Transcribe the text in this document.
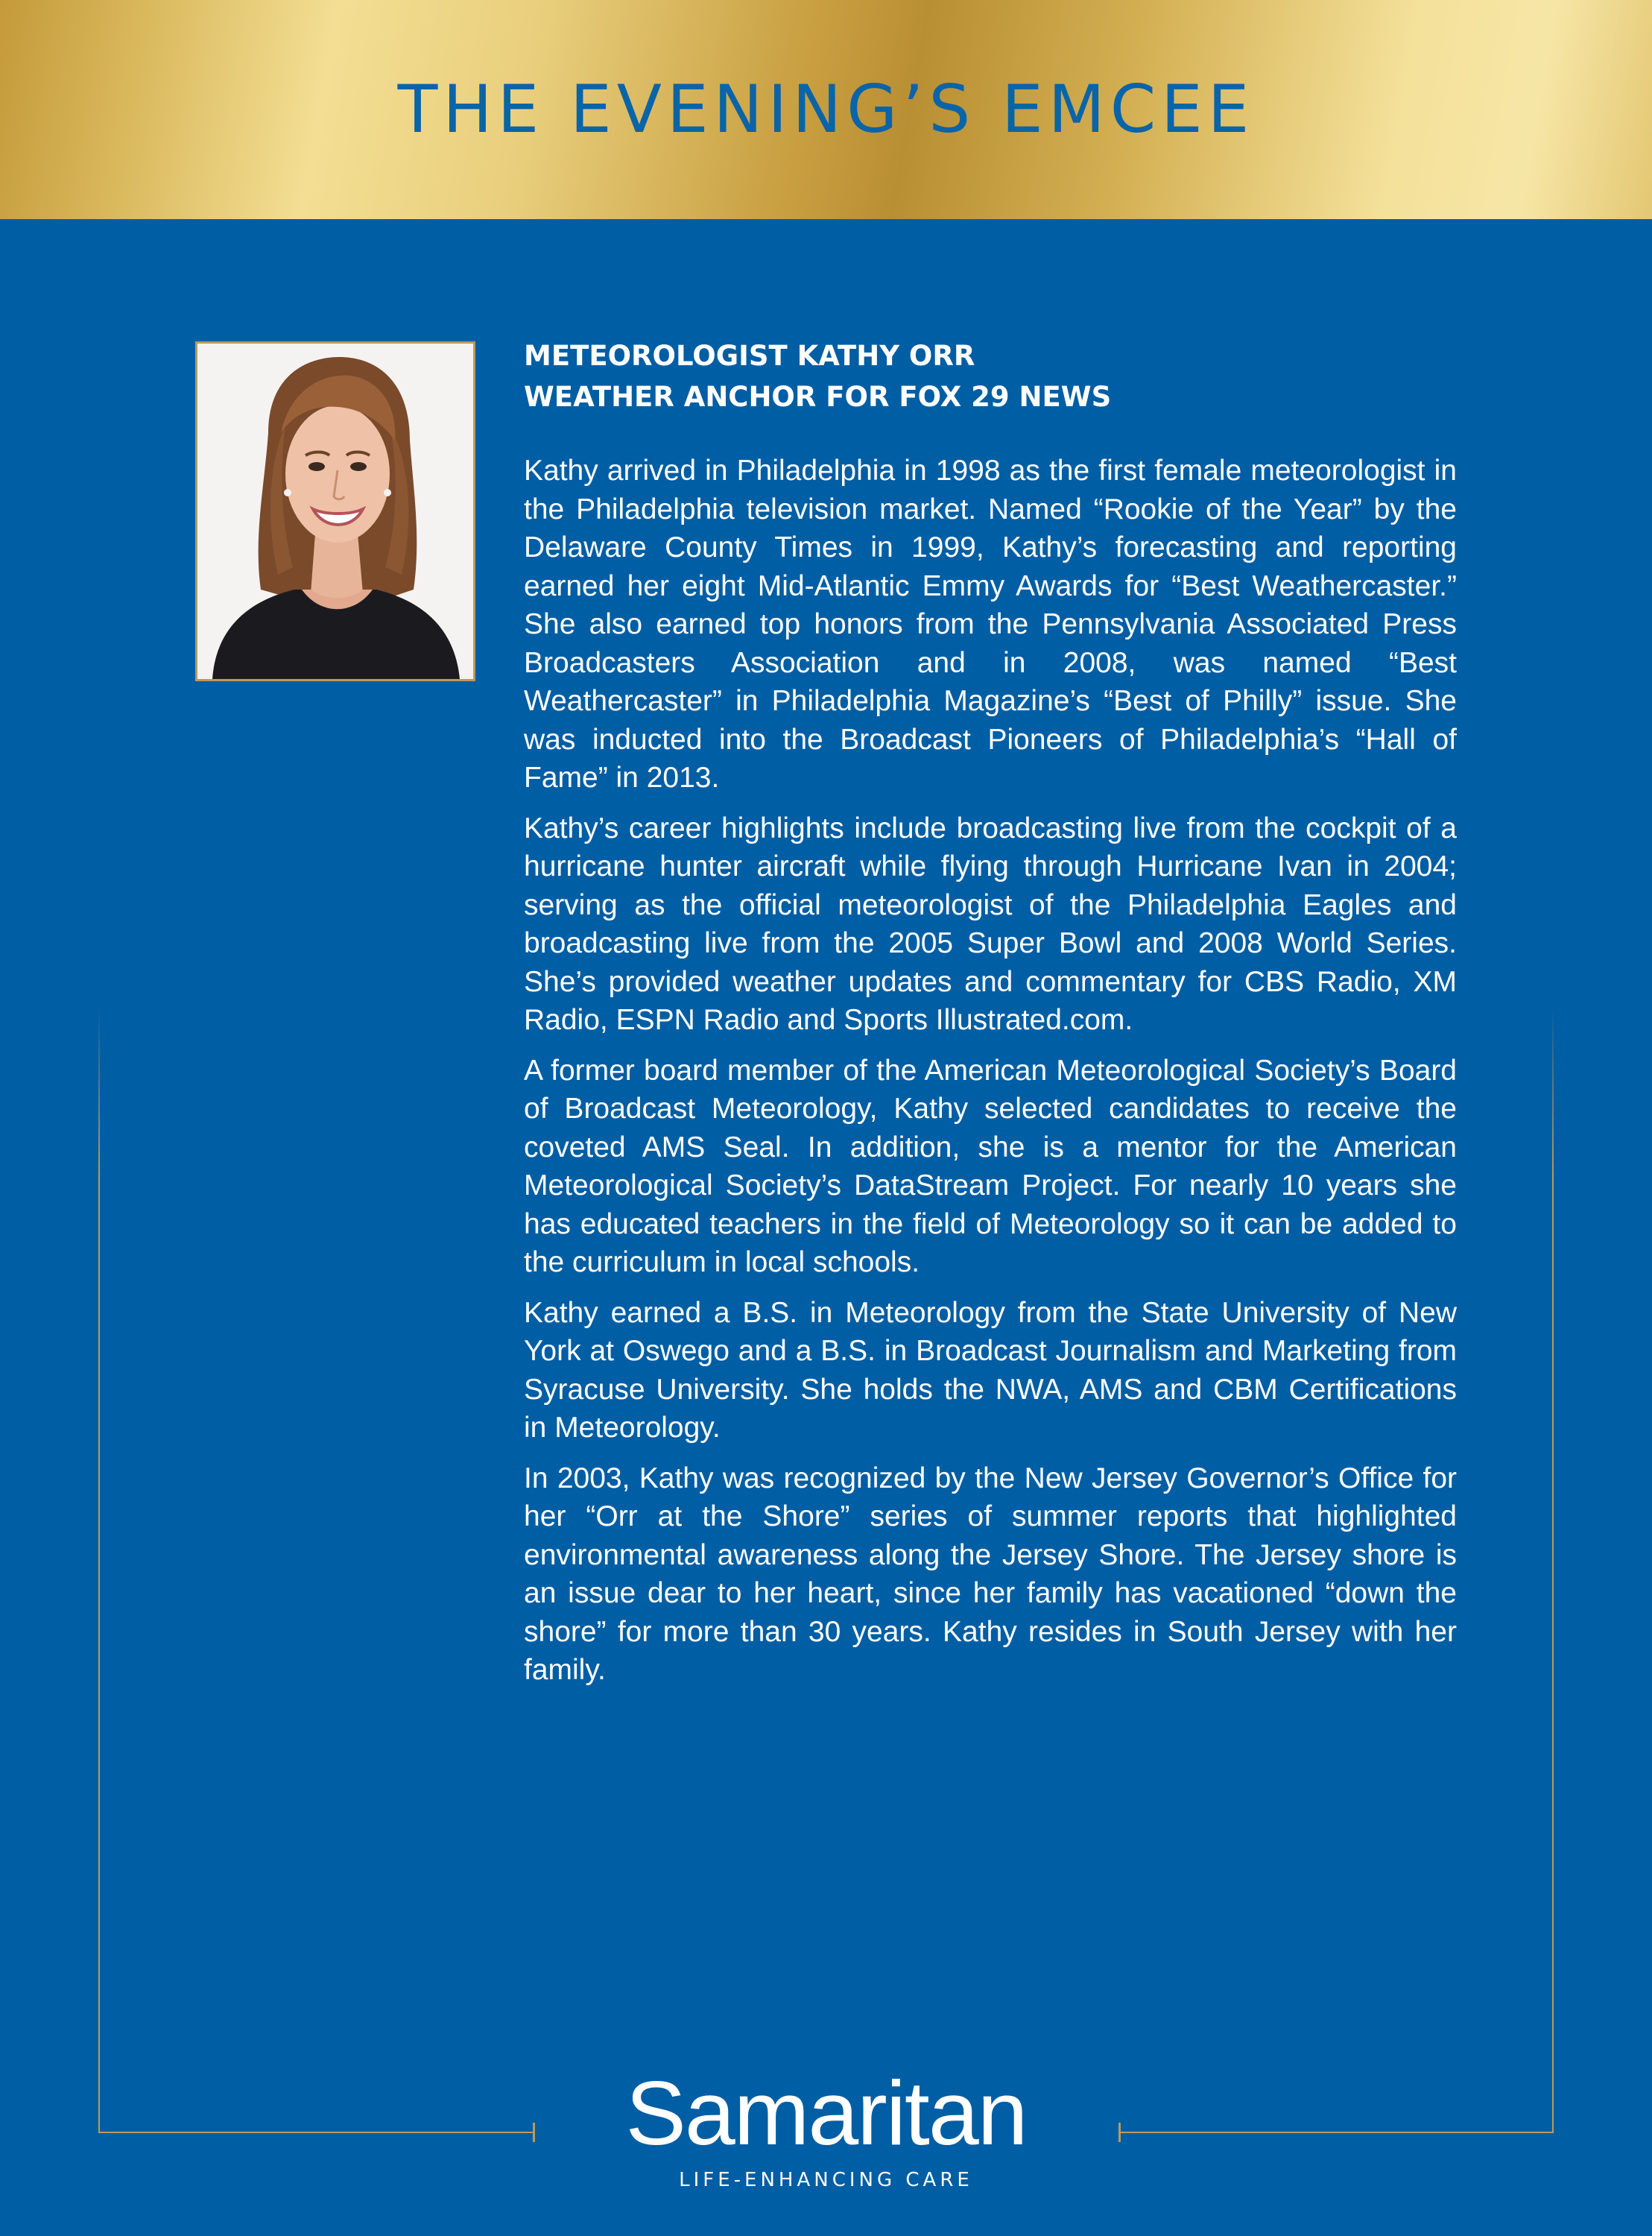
THE EVENING’S EMCEE
METEOROLOGIST KATHY ORR
WEATHER ANCHOR FOR FOX 29 NEWS

Kathy arrived in Philadelphia in 1998 as the first female meteorologist in the Philadelphia television market. Named “Rookie of the Year” by the Delaware County Times in 1999, Kathy’s forecasting and reporting earned her eight Mid-Atlantic Emmy Awards for “Best Weathercaster.” She also earned top honors from the Pennsylvania Associated Press Broadcasters Association and in 2008, was named “Best Weathercaster” in Philadelphia Magazine’s “Best of Philly” issue. She was inducted into the Broadcast Pioneers of Philadelphia’s “Hall of Fame” in 2013.

Kathy’s career highlights include broadcasting live from the cockpit of a hurricane hunter aircraft while flying through Hurricane Ivan in 2004; serving as the official meteorologist of the Philadelphia Eagles and broadcasting live from the 2005 Super Bowl and 2008 World Series. She’s provided weather updates and commentary for CBS Radio, XM Radio, ESPN Radio and Sports Illustrated.com.

A former board member of the American Meteorological Society’s Board of Broadcast Meteorology, Kathy selected candidates to receive the coveted AMS Seal. In addition, she is a mentor for the American Meteorological Society’s DataStream Project. For nearly 10 years she has educated teachers in the field of Meteorology so it can be added to the curriculum in local schools.

Kathy earned a B.S. in Meteorology from the State University of New York at Oswego and a B.S. in Broadcast Journalism and Marketing from Syracuse University. She holds the NWA, AMS and CBM Certifications in Meteorology.

In 2003, Kathy was recognized by the New Jersey Governor’s Office for her “Orr at the Shore” series of summer reports that highlighted environmental awareness along the Jersey Shore. The Jersey shore is an issue dear to her heart, since her family has vacationed “down the shore” for more than 30 years. Kathy resides in South Jersey with her family.

Samaritan
LIFE-ENHANCING CARE
